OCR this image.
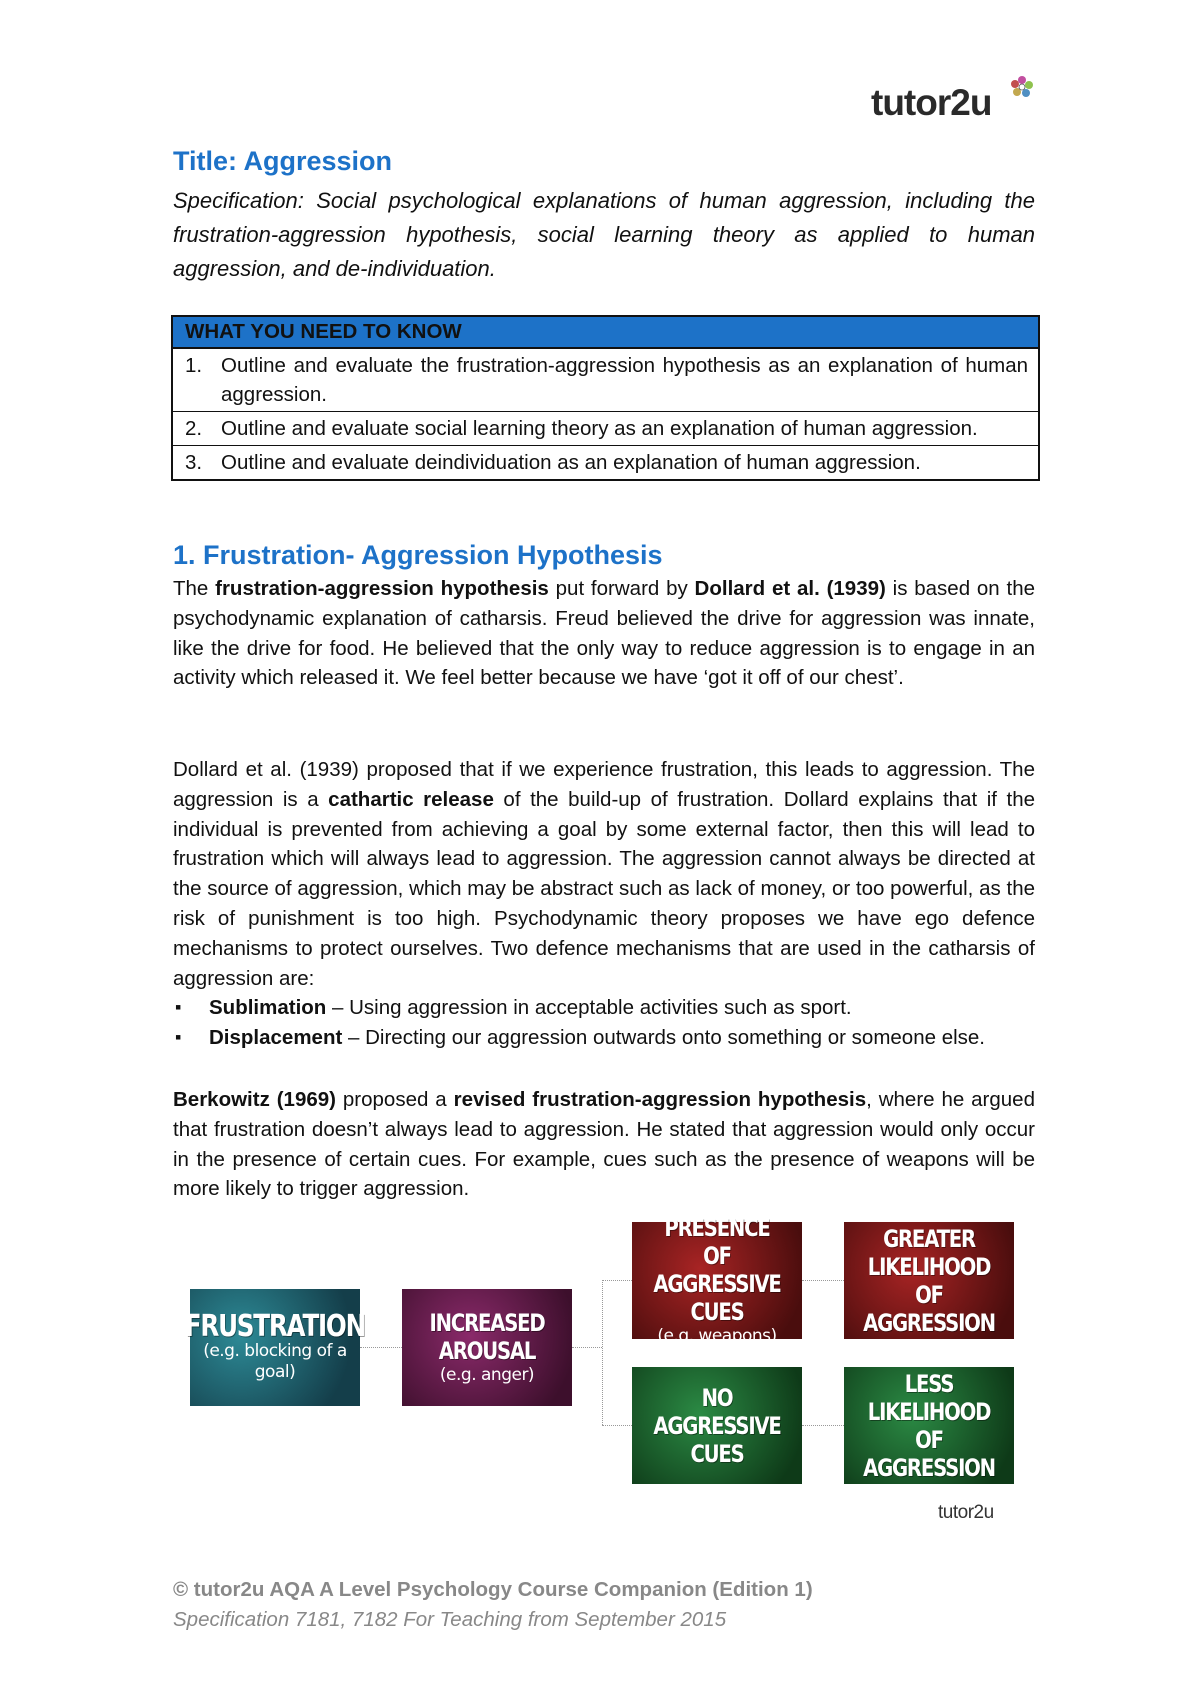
tutor2u
Title: Aggression
Specification: Social psychological explanations of human aggression, including the frustration-aggression hypothesis, social learning theory as applied to human aggression, and de-individuation.
WHAT YOU NEED TO KNOW
1. Outline and evaluate the frustration-aggression hypothesis as an explanation of human aggression.
2. Outline and evaluate social learning theory as an explanation of human aggression.
3. Outline and evaluate deindividuation as an explanation of human aggression.
1. Frustration- Aggression Hypothesis

The frustration-aggression hypothesis put forward by Dollard et al. (1939) is based on the psychodynamic explanation of catharsis. Freud believed the drive for aggression was innate, like the drive for food. He believed that the only way to reduce aggression is to engage in an activity which released it. We feel better because we have ‘got it off of our chest’.

Dollard et al. (1939) proposed that if we experience frustration, this leads to aggression. The aggression is a cathartic release of the build-up of frustration. Dollard explains that if the individual is prevented from achieving a goal by some external factor, then this will lead to frustration which will always lead to aggression. The aggression cannot always be directed at the source of aggression, which may be abstract such as lack of money, or too powerful, as the risk of punishment is too high. Psychodynamic theory proposes we have ego defence mechanisms to protect ourselves. Two defence mechanisms that are used in the catharsis of aggression are:

▪ Sublimation – Using aggression in acceptable activities such as sport.
▪ Displacement – Directing our aggression outwards onto something or someone else.

Berkowitz (1969) proposed a revised frustration-aggression hypothesis, where he argued that frustration doesn’t always lead to aggression. He stated that aggression would only occur in the presence of certain cues. For example, cues such as the presence of weapons will be more likely to trigger aggression.

FRUSTRATION
(e.g. blocking of a goal)
INCREASED AROUSAL
(e.g. anger)
PRESENCE OF AGGRESSIVE CUES
(e.g. weapons)
GREATER LIKELIHOOD OF AGGRESSION
NO AGGRESSIVE CUES
LESS LIKELIHOOD OF AGGRESSION
tutor2u
© tutor2u AQA A Level Psychology Course Companion (Edition 1)
Specification 7181, 7182 For Teaching from September 2015
